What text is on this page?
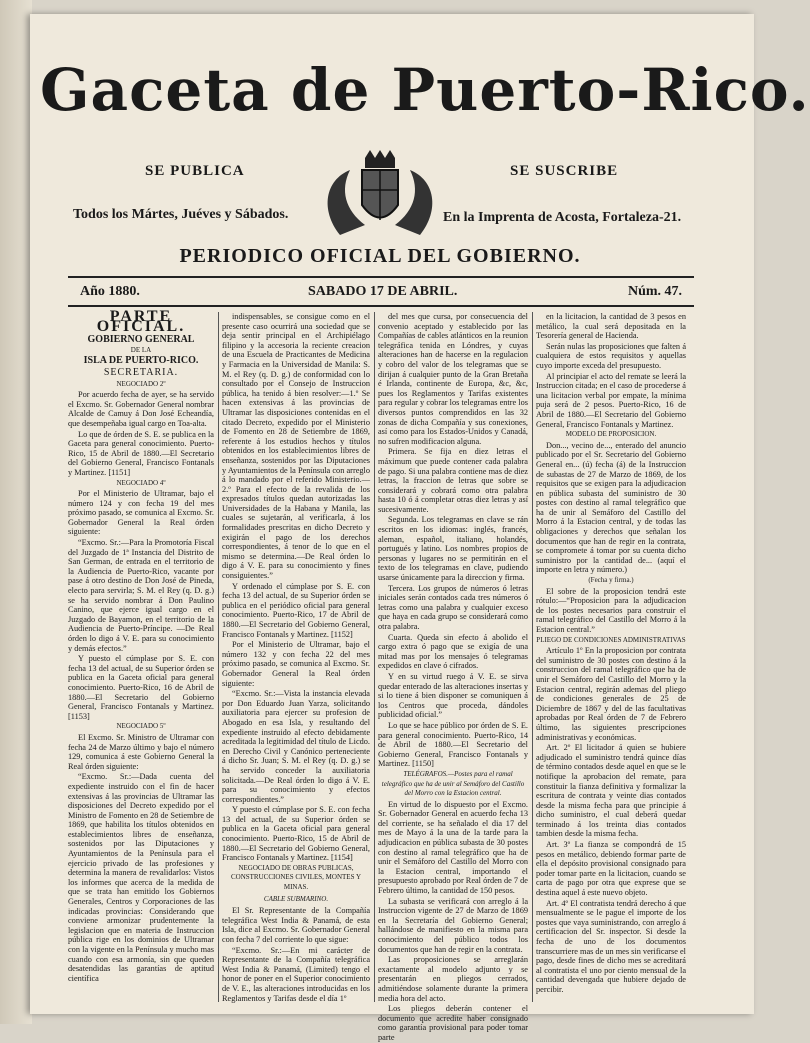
Gaceta de Puerto-Rico.
SE PUBLICA	SE SUSCRIBE
Todos los Mártes, Juéves y Sábados.	En la Imprenta de Acosta, Fortaleza-21.
PERIODICO OFICIAL DEL GOBIERNO.
Año 1880.	SABADO 17 DE ABRIL.	Núm. 47.
PARTE OFICIAL.
GOBIERNO GENERAL
DE LA
ISLA DE PUERTO-RICO.
SECRETARIA.
NEGOCIADO 2º

Por acuerdo fecha de ayer, se ha servido el Excmo. Sr. Gobernador General nombrar Alcalde de Camuy á Don José Echeandía, que desempeñaba igual cargo en Toa-alta.

Lo que de órden de S. E. se publica en la Gaceta para general conocimiento. Puerto-Rico, 15 de Abril de 1880.—El Secretario del Gobierno General, Francisco Fontanals y Martinez. [1151]

NEGOCIADO 4º

Por el Ministerio de Ultramar, bajo el número 124 y con fecha 19 del mes próximo pasado, se comunica al Excmo. Sr. Gobernador General la Real órden siguiente:

“Excmo. Sr.:—Para la Promotoría Fiscal del Juzgado de 1ª Instancia del Distrito de San German, de entrada en el territorio de la Audiencia de Puerto-Rico, vacante por pase á otro destino de Don José de Pineda, electo para servirla; S. M. el Rey (q. D. g.) se ha servido nombrar á Don Paulino Canino, que ejerce igual cargo en el Juzgado de Bayamon, en el territorio de la Audiencia de Puerto-Príncipe. —De Real órden lo digo á V. E. para su conocimiento y demás efectos.”

Y puesto el cúmplase por S. E. con fecha 13 del actual, de su Superior órden se publica en la Gaceta oficial para general conocimiento. Puerto-Rico, 16 de Abril de 1880.—El Secretario del Gobierno General, Francisco Fontanals y Martinez. [1153]

NEGOCIADO 5º

El Excmo. Sr. Ministro de Ultramar con fecha 24 de Marzo último y bajo el número 129, comunica á este Gobierno General la Real órden siguiente:

“Excmo. Sr.:—Dada cuenta del expediente instruido con el fin de hacer extensivas á las provincias de Ultramar las disposiciones del Decreto expedido por el Ministro de Fomento en 28 de Setiembre de 1869, que habilita los títulos obtenidos en establecimientos libres de enseñanza, sostenidos por las Diputaciones y Ayuntamientos de la Península para el ejercicio privado de las profesiones y determina la manera de revalidarlos: Vistos los informes que acerca de la medida de que se trata han emitido los Gobiernos Generales, Centros y Corporaciones de las indicadas provincias: Considerando que conviene armonizar prudentemente la legislacion que en materia de Instruccion pública rige en los dominios de Ultramar con la vigente en la Península y mucho mas cuando con esa armonía, sin que queden desatendidas las garantías de aptitud científica

indispensables, se consigue como en el presente caso ocurrirá una sociedad que se deja sentir principal en el Archipiélago filipino y la accesoria la reciente creacion de una Escuela de Practicantes de Medicina y Farmacia en la Universidad de Manila: S. M. el Rey (q. D. g.) de conformidad con lo consultado por el Consejo de Instruccion pública, ha tenido á bien resolver:—1.º Se hacen extensivas á las provincias de Ultramar las disposiciones contenidas en el citado Decreto, expedido por el Ministerio de Fomento en 28 de Setiembre de 1869, referente á los estudios hechos y títulos obtenidos en los establecimientos libres de enseñanza, sostenidos por las Diputaciones y Ayuntamientos de la Península con arreglo á lo mandado por el referido Ministerio.—2.º Para el efecto de la revalida de los expresados títulos quedan autorizadas las Universidades de la Habana y Manila, las cuales se sujetarán, al verificarla, á los formalidades prescritas en dicho Decreto y exigirán el pago de los derechos correspondientes, á tenor de lo que en el mismo se determina.—De Real órden lo digo á V. E. para su conocimiento y fines consiguientes.”

Y ordenado el cúmplase por S. E. con fecha 13 del actual, de su Superior órden se publica en el periódico oficial para general conocimiento. Puerto-Rico, 17 de Abril de 1880.—El Secretario del Gobierno General, Francisco Fontanals y Martinez. [1152]

Por el Ministerio de Ultramar, bajo el número 132 y con fecha 22 del mes próximo pasado, se comunica al Excmo. Sr. Gobernador General la Real órden siguiente:

“Excmo. Sr.:—Vista la instancia elevada por Don Eduardo Juan Yarza, solicitando auxiliatoria para ejercer su profesion de Abogado en esa Isla, y resultando del expediente instruido al efecto debidamente acreditada la legitimidad del título de Licdo. en Derecho Civil y Canónico perteneciente á dicho Sr. Juan; S. M. el Rey (q. D. g.) se ha servido conceder la auxiliatoria solicitada.—De Real órden lo digo á V. E. para su conocimiento y efectos correspondientes.”

Y puesto el cúmplase por S. E. con fecha 13 del actual, de su Superior órden se publica en la Gaceta oficial para general conocimiento. Puerto-Rico, 15 de Abril de 1880.—El Secretario del Gobierno General, Francisco Fontanals y Martinez. [1154]

NEGOCIADO DE OBRAS PUBLICAS, CONSTRUCCIONES CIVILES, MONTES Y MINAS.
CABLE SUBMARINO.

El Sr. Representante de la Compañía telegráfica West India & Panamá, de esta Isla, dice al Excmo. Sr. Gobernador General con fecha 7 del corriente lo que sigue:

“Excmo. Sr.:—En mi carácter de Representante de la Compañía telegráfica West India & Panamá, (Limited) tengo el honor de poner en el Superior conocimiento de V. E., las alteraciones introducidas en los Reglamentos y Tarifas desde el día 1º

del mes que cursa, por consecuencia del convenio aceptado y establecido por las Compañías de cables atlánticos en la reunion telegráfica tenida en Lóndres, y cuyas alteraciones han de hacerse en la regulacion y cobro del valor de los telegramas que se dirijan á cualquier punto de la Gran Bretaña é Irlanda, continente de Europa, &c, &c, pues los Reglamentos y Tarifas existentes para regular y cobrar los telegramas entre los diversos puntos comprendidos en las 32 zonas de dicha Compañía y sus conexiones, así como para los Estados-Unidos y Canadá, no sufren modificacion alguna.

Primera. Se fija en diez letras el máximum que puede contener cada palabra de pago. Si una palabra contiene mas de diez letras, la fraccion de letras que sobre se considerará y cobrará como otra palabra hasta 10 ó á completar otras diez letras y así sucesivamente.

Segunda. Los telegramas en clave se rán escritos en los idiomas: inglés, francés, aleman, español, italiano, holandés, portugués y latino. Los nombres propios de personas y lugares no se permitirán en el texto de los telegramas en clave, pudiendo usarse únicamente para la direccion y firma.

Tercera. Los grupos de números ó letras iniciales serán contados cada tres números ó letras como una palabra y cualquier exceso que haya en cada grupo se considerará como otra palabra.

Cuarta. Queda sin efecto á abolido el cargo extra ó pago que se exigía de una mitad mas por los mensajes ó telegramas expedidos en clave ó cifrados.

Y en su virtud ruego á V. E. se sirva quedar enterado de las alteraciones insertas y si lo tiene á bien disponer se comuniquen á los Centros que proceda, dándoles publicidad oficial.”

Lo que se hace público por órden de S. E. para general conocimiento. Puerto-Rico, 14 de Abril de 1880.—El Secretario del Gobierno General, Francisco Fontanals y Martinez. [1150]

TELÉGRAFOS.—Postes para el ramal telegráfico que ha de unir al Semáforo del Castillo del Morro con la Estacion central.

En virtud de lo dispuesto por el Excmo. Sr. Gobernador General en acuerdo fecha 13 del corriente, se ha señalado el dia 17 del mes de Mayo á la una de la tarde para la adjudicacion en pública subasta de 30 postes con destino al ramal telegráfico que ha de unir el Semáforo del Castillo del Morro con la Estacion central, importando el presupuesto aprobado por Real órden de 7 de Febrero último, la cantidad de 150 pesos.

La subasta se verificará con arreglo á la Instruccion vigente de 27 de Marzo de 1869 en la Secretaría del Gobierno General; hallándose de manifiesto en la misma para conocimiento del público todos los documentos que han de regir en la contrata.

Las proposiciones se arreglarán exactamente al modelo adjunto y se presentarán en pliegos cerrados, admitiéndose solamente durante la primera media hora del acto.

Los pliegos deberán contener el documento que acredite haber consignado como garantía provisional para poder tomar parte

en la licitacion, la cantidad de 3 pesos en metálico, la cual será depositada en la Tesorería general de Hacienda.

Serán nulas las proposiciones que falten á cualquiera de estos requisitos y aquellas cuyo importe exceda del presupuesto.

Al principiar el acto del remate se leerá la Instruccion citada; en el caso de procederse á una licitacion verbal por empate, la mínima puja será de 2 pesos. Puerto-Rico, 16 de Abril de 1880.—El Secretario del Gobierno General, Francisco Fontanals y Martinez.

MODELO DE PROPOSICION.

Don..., vecino de..., enterado del anuncio publicado por el Sr. Secretario del Gobierno General en... (ú) fecha (á) de la Instruccion de subastas de 27 de Marzo de 1869, de los requisitos que se exigen para la adjudicacion en pública subasta del suministro de 30 postes con destino al ramal telegráfico que ha de unir al Semáforo del Castillo del Morro á la Estacion central, y de todas las obligaciones y derechos que señalan los documentos que han de regir en la contrata, se compromete á tomar por su cuenta dicho suministro por la cantidad de... (aquí el importe en letra y número.)

(Fecha y firma.)

El sobre de la proposicion tendrá este rótulo:—“Proposicion para la adjudicacion de los postes necesarios para construir el ramal telegráfico del Castillo del Morro á la Estacion central.”

PLIEGO DE CONDICIONES ADMINISTRATIVAS

Artículo 1º En la proposicion por contrata del suministro de 30 postes con destino á la construccion del ramal telegráfico que ha de unir el Semáforo del Castillo del Morro y la Estacion central, regirán ademas del pliego de condiciones generales de 25 de Diciembre de 1867 y del de las facultativas aprobadas por Real órden de 7 de Febrero último, las siguientes prescripciones administrativas y económicas.

Art. 2º El licitador á quien se hubiere adjudicado el suministro tendrá quince días de término contados desde aquel en que se le notifique la aprobacion del remate, para constituir la fianza definitiva y formalizar la escritura de contrata y veinte dias contados desde la misma fecha para que principie á dicho suministro, el cual deberá quedar terminado á los treinta dias contados tambien desde la misma fecha.

Art. 3º La fianza se compondrá de 15 pesos en metálico, debiendo formar parte de ella el depósito provisional consignado para poder tomar parte en la licitacion, cuando se carta de pago por otra que exprese que se destina aquel á este nuevo objeto.

Art. 4º El contratista tendrá derecho á que mensualmente se le pague el importe de los postes que vaya suministrando, con arreglo á certificacion del Sr. inspector. Si desde la fecha de uno de los documentos transcurriere mas de un mes sin verificarse el pago, desde fines de dicho mes se acreditará al contratista el uno por ciento mensual de la cantidad devengada que hubiere dejado de percibir.
